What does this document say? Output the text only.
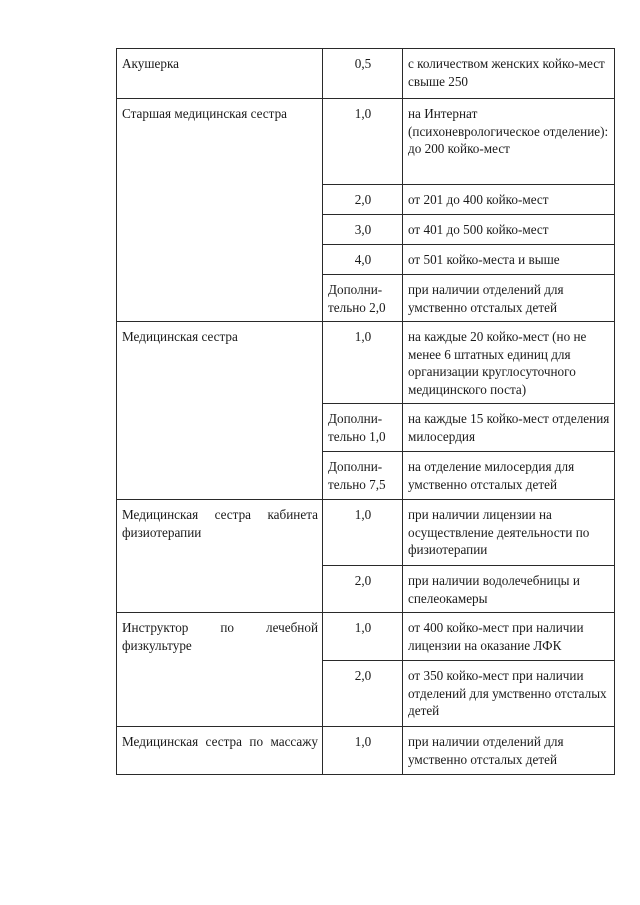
Акушерка	0,5	с количеством женских койко-мест свыше 250
Старшая медицинская сестра	1,0	на Интернат (психоневрологическое отделение):
до 200 койко-мест

	2,0	от 201 до 400 койко-мест
	3,0	от 401 до 500 койко-мест
	4,0	от 501 койко-места и выше
	Дополни-тельно 2,0	при наличии отделений для умственно отсталых детей
Медицинская сестра	1,0	на каждые 20 койко-мест (но не менее 6 штатных единиц для организации круглосуточного медицинского поста)
	Дополни-тельно 1,0	на каждые 15 койко-мест отделения милосердия
	Дополни-тельно 7,5	на отделение милосердия для умственно отсталых детей
Медицинская сестра кабинета физиотерапии	1,0	при наличии лицензии на осуществление деятельности по физиотерапии
	2,0	при наличии водолечебницы и спелеокамеры
Инструктор по лечебной физкультуре	1,0	от 400 койко-мест при наличии лицензии на оказание ЛФК
	2,0	от 350 койко-мест при наличии отделений для умственно отсталых детей
Медицинская сестра по массажу	1,0	при наличии отделений для умственно отсталых детей
